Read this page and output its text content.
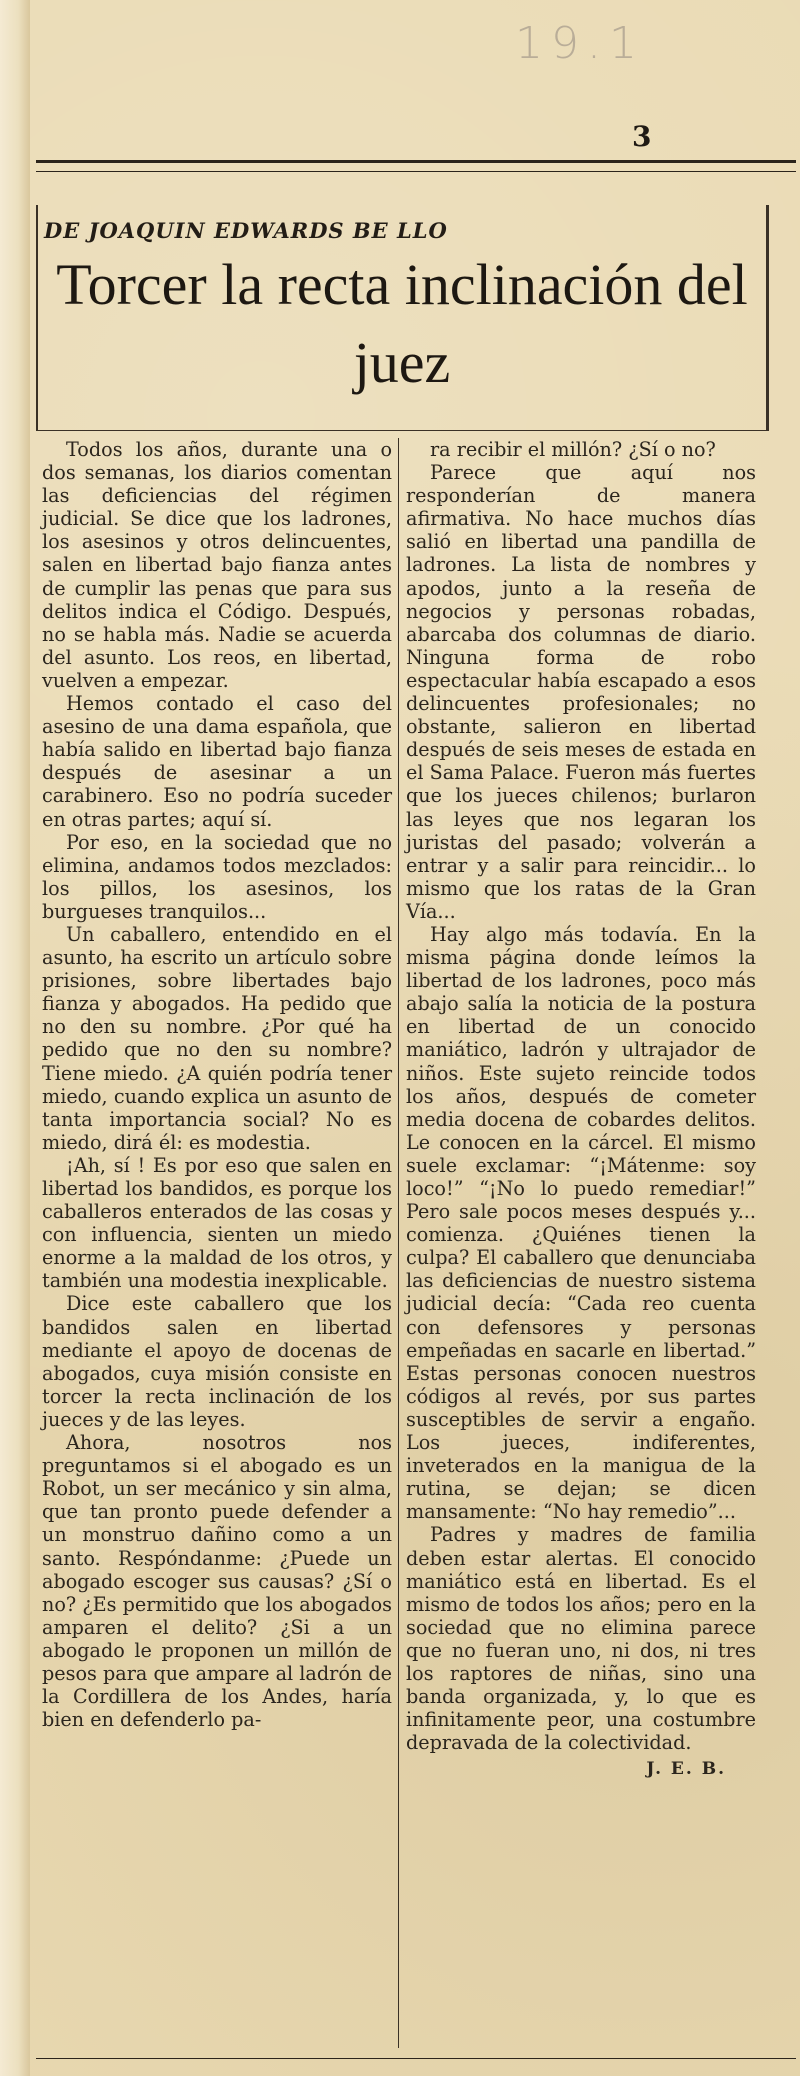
19.1
3
DE JOAQUIN EDWARDS BE LLO
Torcer la recta inclinación del juez

Todos los años, durante una o dos semanas, los diarios comentan las deficiencias del régimen judicial. Se dice que los ladrones, los asesinos y otros delincuentes, salen en libertad bajo fianza antes de cumplir las penas que para sus delitos indica el Código. Después, no se habla más. Nadie se acuerda del asunto. Los reos, en libertad, vuelven a empezar.

Hemos contado el caso del asesino de una dama española, que había salido en libertad bajo fianza después de asesinar a un carabinero. Eso no podría suceder en otras partes; aquí sí.

Por eso, en la sociedad que no elimina, andamos todos mezclados: los pillos, los asesinos, los burgueses tranquilos...

Un caballero, entendido en el asunto, ha escrito un artículo sobre prisiones, sobre libertades bajo fianza y abogados. Ha pedido que no den su nombre. ¿Por qué ha pedido que no den su nombre? Tiene miedo. ¿A quién podría tener miedo, cuando explica un asunto de tanta importancia social? No es miedo, dirá él: es modestia.

¡Ah, sí ! Es por eso que salen en libertad los bandidos, es porque los caballeros enterados de las cosas y con influencia, sienten un miedo enorme a la maldad de los otros, y también una modestia inexplicable.

Dice este caballero que los bandidos salen en libertad mediante el apoyo de docenas de abogados, cuya misión consiste en torcer la recta inclinación de los jueces y de las leyes.

Ahora, nosotros nos preguntamos si el abogado es un Robot, un ser mecánico y sin alma, que tan pronto puede defender a un monstruo dañino como a un santo. Respóndanme: ¿Puede un abogado escoger sus causas? ¿Sí o no? ¿Es permitido que los abogados amparen el delito? ¿Si a un abogado le proponen un millón de pesos para que ampare al ladrón de la Cordillera de los Andes, haría bien en defenderlo pa-

ra recibir el millón? ¿Sí o no?

Parece que aquí nos responderían de manera afirmativa. No hace muchos días salió en libertad una pandilla de ladrones. La lista de nombres y apodos, junto a la reseña de negocios y personas robadas, abarcaba dos columnas de diario. Ninguna forma de robo espectacular había escapado a esos delincuentes profesionales; no obstante, salieron en libertad después de seis meses de estada en el Sama Palace. Fueron más fuertes que los jueces chilenos; burlaron las leyes que nos legaran los juristas del pasado; volverán a entrar y a salir para reincidir... lo mismo que los ratas de la Gran Vía...

Hay algo más todavía. En la misma página donde leímos la libertad de los ladrones, poco más abajo salía la noticia de la postura en libertad de un conocido maniático, ladrón y ultrajador de niños. Este sujeto reincide todos los años, después de cometer media docena de cobardes delitos. Le conocen en la cárcel. El mismo suele exclamar: “¡Mátenme: soy loco!” “¡No lo puedo remediar!” Pero sale pocos meses después y... comienza. ¿Quiénes tienen la culpa? El caballero que denunciaba las deficiencias de nuestro sistema judicial decía: “Cada reo cuenta con defensores y personas empeñadas en sacarle en libertad.” Estas personas conocen nuestros códigos al revés, por sus partes susceptibles de servir a engaño. Los jueces, indiferentes, inveterados en la manigua de la rutina, se dejan; se dicen mansamente: “No hay remedio”...

Padres y madres de familia deben estar alertas. El conocido maniático está en libertad. Es el mismo de todos los años; pero en la sociedad que no elimina parece que no fueran uno, ni dos, ni tres los raptores de niñas, sino una banda organizada, y, lo que es infinitamente peor, una costumbre depravada de la colectividad.

J. E. B.
